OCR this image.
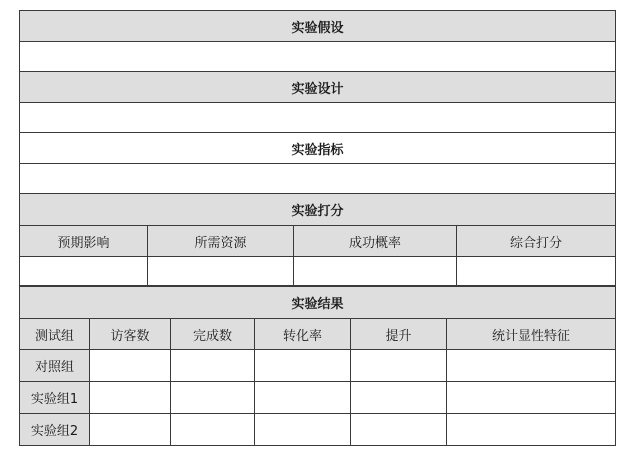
实验假设
实验设计
实验指标
实验打分
预期影响	所需资源	成功概率	综合打分
实验结果
测试组	访客数	完成数	转化率	提升	统计显性特征
对照组
实验组1
实验组2
